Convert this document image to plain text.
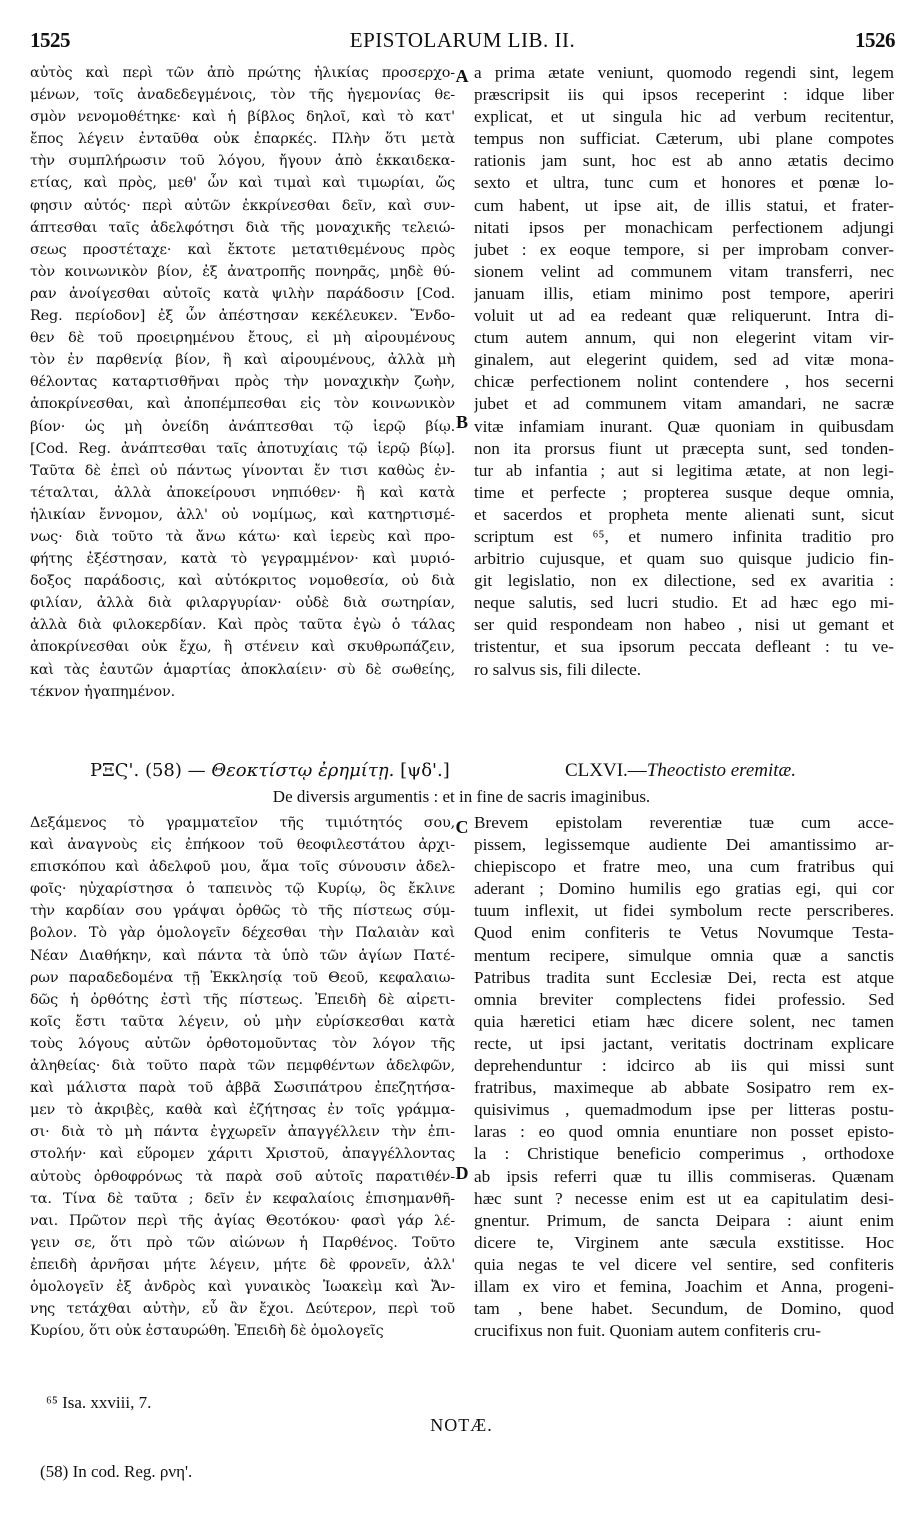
1525	EPISTOLARUM LIB. II.	1526
αὐτὸς καὶ περὶ τῶν ἀπὸ πρώτης ἡλικίας προσερχο-
μένων, τοῖς ἀναδεδεγμένοις, τὸν τῆς ἡγεμονίας θε-
σμὸν νενομοθέτηκε· καὶ ἡ βίβλος δηλοῖ, καὶ τὸ κατ'
ἔπος λέγειν ἐνταῦθα οὐκ ἐπαρκές. Πλὴν ὅτι μετὰ
τὴν συμπλήρωσιν τοῦ λόγου, ἤγουν ἀπὸ ἑκκαιδεκα-
ετίας, καὶ πρὸς, μεθ' ὧν καὶ τιμαὶ καὶ τιμωρίαι, ὥς
φησιν αὐτός· περὶ αὐτῶν ἐκκρίνεσθαι δεῖν, καὶ συν-
άπτεσθαι ταῖς ἀδελφότησι διὰ τῆς μοναχικῆς τελειώ-
σεως προστέταχε· καὶ ἔκτοτε μετατιθεμένους πρὸς
τὸν κοινωνικὸν βίον, ἐξ ἀνατροπῆς πονηρᾶς, μηδὲ θύ-
ραν ἀνοίγεσθαι αὐτοῖς κατὰ ψιλὴν παράδοσιν [Cod.
Reg. περίοδον] ἐξ ὧν ἀπέστησαν κεκέλευκεν. Ἔνδο-
θεν δὲ τοῦ προειρημένου ἔτους, εἰ μὴ αἱρουμένους
τὸν ἐν παρθενίᾳ βίον, ἢ καὶ αἱρουμένους, ἀλλὰ μὴ
θέλοντας καταρτισθῆναι πρὸς τὴν μοναχικὴν ζωὴν,
ἀποκρίνεσθαι, καὶ ἀποπέμπεσθαι εἰς τὸν κοινωνικὸν
βίον· ὡς μὴ ὀνείδη ἀνάπτεσθαι τῷ ἱερῷ βίῳ.
[Cod. Reg. ἀνάπτεσθαι ταῖς ἀποτυχίαις τῷ ἱερῷ βίῳ].
Ταῦτα δὲ ἐπεὶ οὐ πάντως γίνονται ἔν τισι καθὼς ἐν-
τέταλται, ἀλλὰ ἀποκείρουσι νηπιόθεν· ἢ καὶ κατὰ
ἡλικίαν ἔννομον, ἀλλ' οὐ νομίμως, καὶ κατηρτισμέ-
νως· διὰ τοῦτο τὰ ἄνω κάτω· καὶ ἱερεὺς καὶ προ-
φήτης ἐξέστησαν, κατὰ τὸ γεγραμμένον· καὶ μυριό-
δοξος παράδοσις, καὶ αὐτόκριτος νομοθεσία, οὐ διὰ
φιλίαν, ἀλλὰ διὰ φιλαργυρίαν· οὐδὲ διὰ σωτηρίαν,
ἀλλὰ διὰ φιλοκερδίαν. Καὶ πρὸς ταῦτα ἐγὼ ὁ τάλας
ἀποκρίνεσθαι οὐκ ἔχω, ἢ στένειν καὶ σκυθρωπάζειν,
καὶ τὰς ἑαυτῶν ἁμαρτίας ἀποκλαίειν· σὺ δὲ σωθείης,
τέκνον ἠγαπημένον.
a prima ætate veniunt, quomodo regendi sint, legem
præscripsit iis qui ipsos receperint : idque liber
explicat, et ut singula hic ad verbum recitentur,
tempus non sufficiat. Cæterum, ubi plane compotes
rationis jam sunt, hoc est ab anno ætatis decimo
sexto et ultra, tunc cum et honores et pœnæ lo-
cum habent, ut ipse ait, de illis statui, et frater-
nitati ipsos per monachicam perfectionem adjungi
jubet : ex eoque tempore, si per improbam conver-
sionem velint ad communem vitam transferri, nec
januam illis, etiam minimo post tempore, aperiri
voluit ut ad ea redeant quæ reliquerunt. Intra di-
ctum autem annum, qui non elegerint vitam vir-
ginalem, aut elegerint quidem, sed ad vitæ mona-
chicæ perfectionem nolint contendere , hos secerni
jubet et ad communem vitam amandari, ne sacræ
vitæ infamiam inurant. Quæ quoniam in quibusdam
non ita prorsus fiunt ut præcepta sunt, sed tonden-
tur ab infantia ; aut si legitima ætate, at non legi-
time et perfecte ; propterea susque deque omnia,
et sacerdos et propheta mente alienati sunt, sicut
scriptum est ⁶⁵, et numero infinita traditio pro
arbitrio cujusque, et quam suo quisque judicio fin-
git legislatio, non ex dilectione, sed ex avaritia :
neque salutis, sed lucri studio. Et ad hæc ego mi-
ser quid respondeam non habeo , nisi ut gemant et
tristentur, et sua ipsorum peccata defleant : tu ve-
ro salvus sis, fili dilecte.
A
B
C
D
ΡΞϚ'. (58) — Θεοκτίστῳ ἐρημίτῃ. [ψδ'.]	CLXVI.—Theoctisto eremitæ.
De diversis argumentis : et in fine de sacris imaginibus.
Δεξάμενος τὸ γραμματεῖον τῆς τιμιότητός σου,
καὶ ἀναγνοὺς εἰς ἐπήκοον τοῦ θεοφιλεστάτου ἀρχι-
επισκόπου καὶ ἀδελφοῦ μου, ἅμα τοῖς σύνουσιν ἀδελ-
φοῖς· ηὐχαρίστησα ὁ ταπεινὸς τῷ Κυρίῳ, ὃς ἔκλινε
τὴν καρδίαν σου γράψαι ὀρθῶς τὸ τῆς πίστεως σύμ-
βολον. Τὸ γὰρ ὁμολογεῖν δέχεσθαι τὴν Παλαιὰν καὶ
Νέαν Διαθήκην, καὶ πάντα τὰ ὑπὸ τῶν ἁγίων Πατέ-
ρων παραδεδομένα τῇ Ἐκκλησίᾳ τοῦ Θεοῦ, κεφαλαιω-
δῶς ἡ ὀρθότης ἐστὶ τῆς πίστεως. Ἐπειδὴ δὲ αἱρετι-
κοῖς ἔστι ταῦτα λέγειν, οὐ μὴν εὑρίσκεσθαι κατὰ
τοὺς λόγους αὐτῶν ὀρθοτομοῦντας τὸν λόγον τῆς
ἀληθείας· διὰ τοῦτο παρὰ τῶν πεμφθέντων ἀδελφῶν,
καὶ μάλιστα παρὰ τοῦ ἀββᾶ Σωσιπάτρου ἐπεζητήσα-
μεν τὸ ἀκριβὲς, καθὰ καὶ ἐζήτησας ἐν τοῖς γράμμα-
σι· διὰ τὸ μὴ πάντα ἐγχωρεῖν ἀπαγγέλλειν τὴν ἐπι-
στολήν· καὶ εὕρομεν χάριτι Χριστοῦ, ἀπαγγέλλοντας
αὐτοὺς ὀρθοφρόνως τὰ παρὰ σοῦ αὐτοῖς παρατιθέν-
τα. Τίνα δὲ ταῦτα ; δεῖν ἐν κεφαλαίοις ἐπισημανθῆ-
ναι. Πρῶτον περὶ τῆς ἁγίας Θεοτόκου· φασὶ γάρ λέ-
γειν σε, ὅτι πρὸ τῶν αἰώνων ἡ Παρθένος. Τοῦτο
ἐπειδὴ ἀρνῆσαι μήτε λέγειν, μήτε δὲ φρονεῖν, ἀλλ'
ὁμολογεῖν ἐξ ἀνδρὸς καὶ γυναικὸς Ἰωακεὶμ καὶ Ἄν-
νης τετάχθαι αὐτὴν, εὖ ἂν ἔχοι. Δεύτερον, περὶ τοῦ
Κυρίου, ὅτι οὐκ ἐσταυρώθη. Ἐπειδὴ δὲ ὁμολογεῖς
Brevem epistolam reverentiæ tuæ cum acce-
pissem, legissemque audiente Dei amantissimo ar-
chiepiscopo et fratre meo, una cum fratribus qui
aderant ; Domino humilis ego gratias egi, qui cor
tuum inflexit, ut fidei symbolum recte perscriberes.
Quod enim confiteris te Vetus Novumque Testa-
mentum recipere, simulque omnia quæ a sanctis
Patribus tradita sunt Ecclesiæ Dei, recta est atque
omnia breviter complectens fidei professio. Sed
quia hæretici etiam hæc dicere solent, nec tamen
recte, ut ipsi jactant, veritatis doctrinam explicare
deprehenduntur : idcirco ab iis qui missi sunt
fratribus, maximeque ab abbate Sosipatro rem ex-
quisivimus , quemadmodum ipse per litteras postu-
laras : eo quod omnia enuntiare non posset episto-
la : Christique beneficio comperimus , orthodoxe
ab ipsis referri quæ tu illis commiseras. Quænam
hæc sunt ? necesse enim est ut ea capitulatim desi-
gnentur. Primum, de sancta Deipara : aiunt enim
dicere te, Virginem ante sæcula exstitisse. Hoc
quia negas te vel dicere vel sentire, sed confiteris
illam ex viro et femina, Joachim et Anna, progeni-
tam , bene habet. Secundum, de Domino, quod
crucifixus non fuit. Quoniam autem confiteris cru-
⁶⁵ Isa. xxviii, 7.
NOTÆ.
(58) In cod. Reg. ρνη'.
